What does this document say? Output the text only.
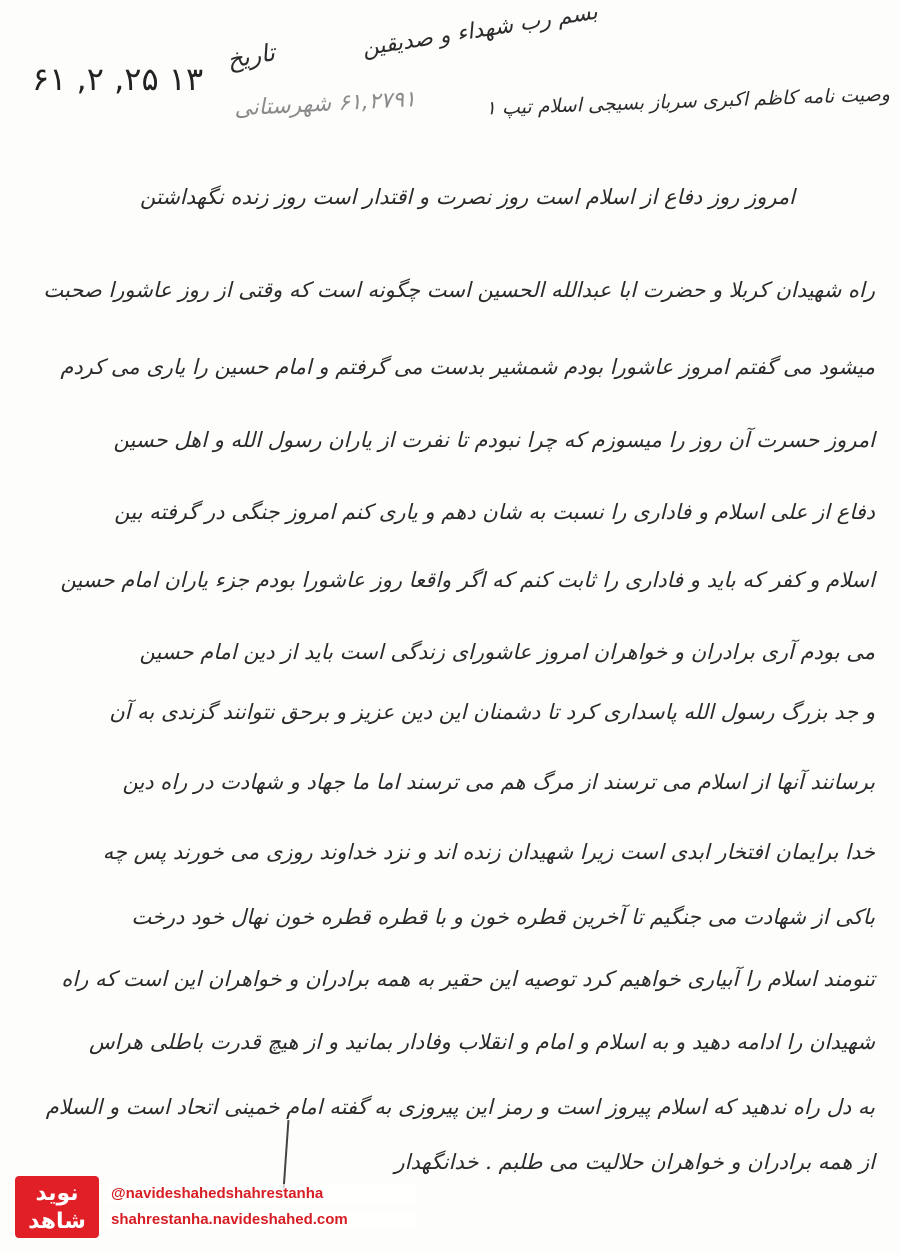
بسم رب شهداء و صدیقین
تاریخ
۶۱ ,۲ ,۲۵ ۱۳
وصیت نامه کاظم اکبری سرباز بسیجی اسلام تیپ ۱
۶۱,۲۷۹۱ شهرستانی
امروز روز دفاع از اسلام است روز نصرت و اقتدار است روز زنده نگهداشتن
راه شهیدان کربلا و حضرت ابا عبدالله الحسین است چگونه است که وقتی از روز عاشورا صحبت
میشود می گفتم امروز عاشورا بودم شمشیر بدست می گرفتم و امام حسین را یاری می کردم
امروز حسرت آن روز را میسوزم که چرا نبودم تا نفرت از یاران رسول الله و اهل حسین
دفاع از علی اسلام و فاداری را نسبت به شان دهم و یاری کنم امروز جنگی در گرفته بین
اسلام و کفر که باید و فاداری را ثابت کنم که اگر واقعا روز عاشورا بودم جزء یاران امام حسین
می بودم آری برادران و خواهران امروز عاشورای زندگی است باید از دین امام حسین
و جد بزرگ رسول الله پاسداری کرد تا دشمنان این دین عزیز و برحق نتوانند گزندی به آن
برسانند آنها از اسلام می ترسند از مرگ هم می ترسند اما ما جهاد و شهادت در راه دین
خدا برایمان افتخار ابدی است زیرا شهیدان زنده اند و نزد خداوند روزی می خورند پس چه
باکی از شهادت می جنگیم تا آخرین قطره خون و با قطره قطره خون نهال خود درخت
تنومند اسلام را آبیاری خواهیم کرد توصیه این حقیر به همه برادران و خواهران این است که راه
شهیدان را ادامه دهید و به اسلام و امام و انقلاب وفادار بمانید و از هیچ قدرت باطلی هراس
به دل راه ندهید که اسلام پیروز است و رمز این پیروزی به گفته امام خمینی اتحاد است و السلام
از همه برادران و خواهران حلالیت می طلبم . خدانگهدار
نوید شاهد
@navideshahedshahrestanha
shahrestanha.navideshahed.com
